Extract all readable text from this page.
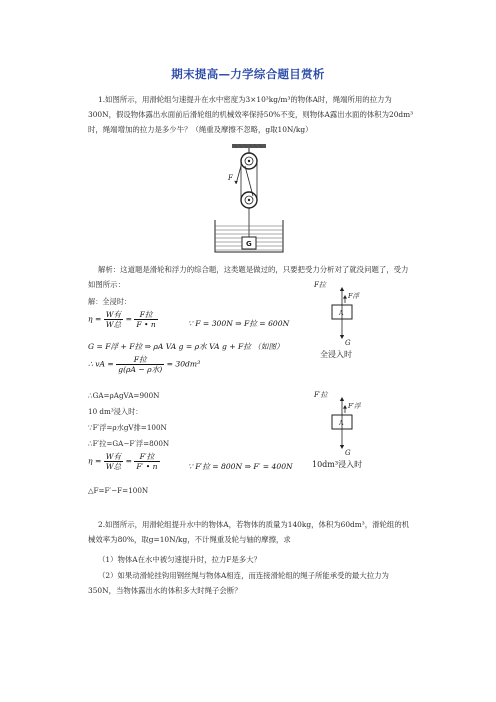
期末提高—力学综合题目赏析
1.如图所示，用滑轮组匀速提升在水中密度为3×10³kg/m³的物体A时，绳端所用的拉力为300N，假设物体露出水面前后滑轮组的机械效率保持50%不变，则物体A露出水面的体积为20dm³时，绳端增加的拉力是多少牛？（绳重及摩擦不忽略，g取10N/kg）
F
G
解析：这道题是滑轮和浮力的综合题，这类题是做过的，只要把受力分析对了就没问题了，受力如图所示：
解：全浸时：
$\eta = \frac{\text{W有}}{\text{W总}} = \frac{\text{F拉}}{F • n}$	∵ F = 300N ⇒ F拉 = 600N
G = F浮 + F拉 ⇒ ρA VA g = ρ水 VA g + F拉 （如图）
∴ vA = $\frac{\text{F拉}}{\text{g(ρA − ρ水)}} = 30dm^3$
∴GA=ρAgVA=900N
10 dm³浸入时：
∵F′浮=ρ水gV排=100N
∴F′拉=GA−F′浮=800N
$\eta = \frac{\text{W有}}{\text{W总}} = \frac{\text{F′拉}}{F' • n}$	∵ F′拉 = 800N ⇒ F′ = 400N
△F=F′−F=100N
F拉
F浮
A
G
全浸入时
F′拉
F′浮
A
G
10dm³浸入时
2.如图所示，用滑轮组提升水中的物体A，若物体的质量为140kg，体积为60dm³，滑轮组的机械效率为80%，取g=10N/kg，不计绳重及轮与轴的摩擦，求
（1）物体A在水中被匀速提升时，拉力F是多大？
（2）如果动滑轮挂钩用钢丝绳与物体A相连，而连接滑轮组的绳子所能承受的最大拉力为350N，当物体露出水的体积多大时绳子会断？
